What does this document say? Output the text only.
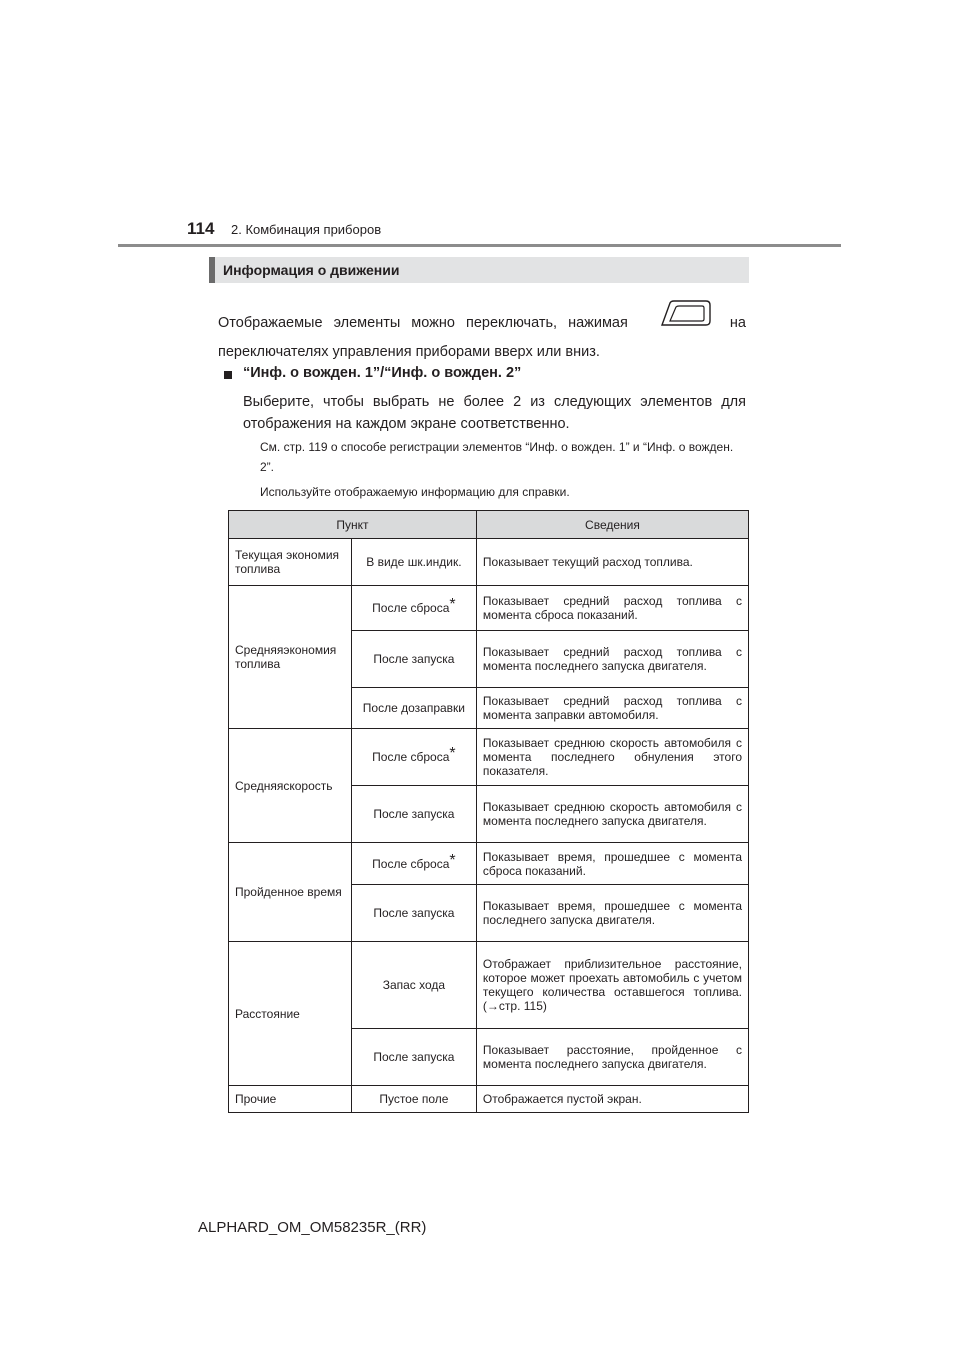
114 2. Комбинация приборов
Информация о движении
Отображаемые элементы можно переключать, нажимая	на
переключателях управления приборами вверх или вниз.
“Инф. о вожден. 1”/“Инф. о вожден. 2”
Выберите, чтобы выбрать не более 2 из следующих элементов для отображения на каждом экране соответственно.
См. стр. 119 о способе регистрации элементов “Инф. о вожден. 1” и “Инф. о вожден. 2”.
Используйте отображаемую информацию для справки.
Пункт		Сведения
Текущая экономия топлива	В виде шк.индик.	Показывает текущий расход топлива.
Средняяэкономия топлива	После сброса*	Показывает средний расход топлива с момента сброса показаний.
	После запуска	Показывает средний расход топлива с момента последнего запуска двигателя.
	После дозаправки	Показывает средний расход топлива с момента заправки автомобиля.
Средняяскорость	После сброса*	Показывает среднюю скорость автомобиля с момента последнего обнуления этого показателя.
	После запуска	Показывает среднюю скорость автомобиля с момента последнего запуска двигателя.
Пройденное время	После сброса*	Показывает время, прошедшее с момента сброса показаний.
	После запуска	Показывает время, прошедшее с момента последнего запуска двигателя.
Расстояние	Запас хода	Отображает приблизительное расстояние, которое может проехать автомобиль с учетом текущего количества оставшегося топлива. (→стр. 115)
	После запуска	Показывает расстояние, пройденное с момента последнего запуска двигателя.
Прочие	Пустое поле	Отображается пустой экран.
ALPHARD_OM_OM58235R_(RR)
